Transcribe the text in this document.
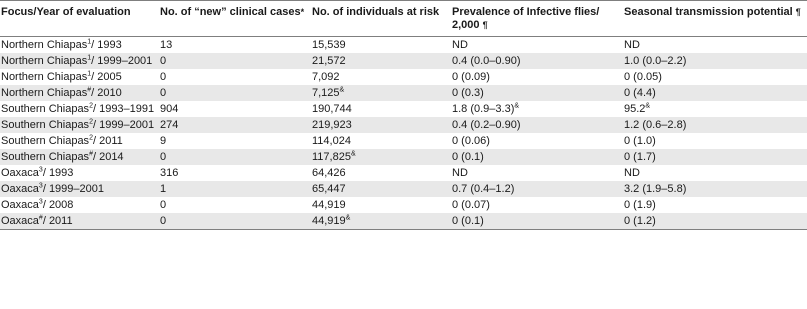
Focus/Year of evaluation	No. of “new” clinical cases*	No. of individuals at risk	Prevalence of Infective flies/ 2,000 ¶	Seasonal transmission potential ¶
Northern Chiapas$^1$/ 1993	13	15,539	ND	ND
Northern Chiapas$^1$/ 1999–2001	0	21,572	0.4 (0.0–0.90)	1.0 (0.0–2.2)
Northern Chiapas$^1$/ 2005	0	7,092	0 (0.09)	0 (0.05)
Northern Chiapas#/ 2010	0	7,125&	0 (0.3)	0 (4.4)
Southern Chiapas$^2$/ 1993–1991	904	190,744	1.8 (0.9–3.3)&	95.2&
Southern Chiapas$^2$/ 1999–2001	274	219,923	0.4 (0.2–0.90)	1.2 (0.6–2.8)
Southern Chiapas$^2$/ 2011	9	114,024	0 (0.06)	0 (1.0)
Southern Chiapas#/ 2014	0	117,825&	0 (0.1)	0 (1.7)
Oaxaca$^3$/ 1993	316	64,426	ND	ND
Oaxaca$^3$/ 1999–2001	1	65,447	0.7 (0.4–1.2)	3.2 (1.9–5.8)
Oaxaca$^3$/ 2008	0	44,919	0 (0.07)	0 (1.9)
Oaxaca#/ 2011	0	44,919&	0 (0.1)	0 (1.2)
